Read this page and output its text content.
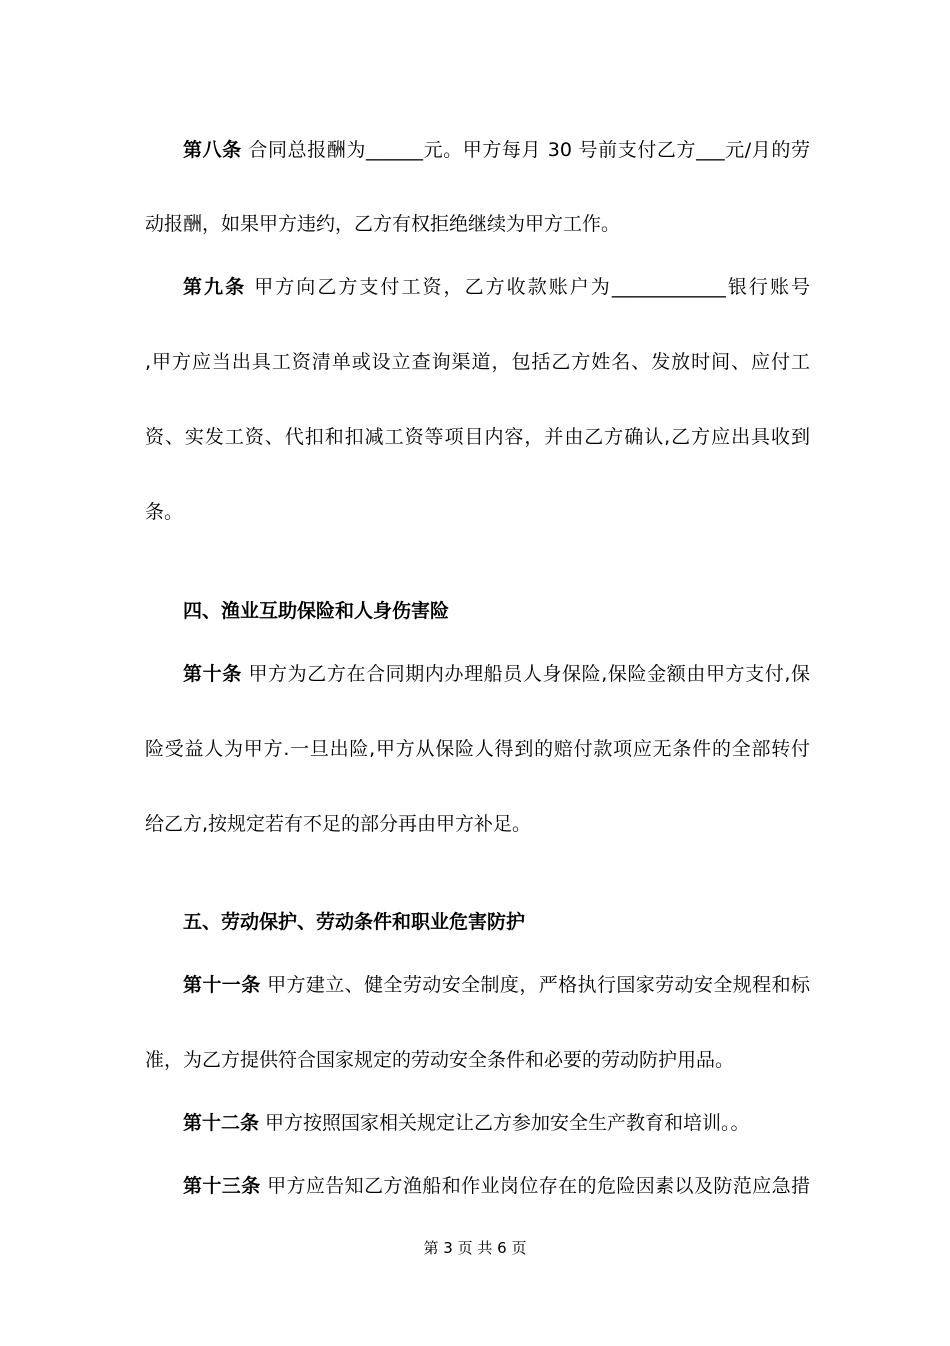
第八条 合同总报酬为______元。甲方每月 30 号前支付乙方___元/月的劳
动报酬，如果甲方违约，乙方有权拒绝继续为甲方工作。
第九条 甲方向乙方支付工资，乙方收款账户为____________银行账号
,甲方应当出具工资清单或设立查询渠道，包括乙方姓名、发放时间、应付工
资、实发工资、代扣和扣减工资等项目内容，并由乙方确认,乙方应出具收到
条。
四、渔业互助保险和人身伤害险
第十条 甲方为乙方在合同期内办理船员人身保险,保险金额由甲方支付,保
险受益人为甲方.一旦出险,甲方从保险人得到的赔付款项应无条件的全部转付
给乙方,按规定若有不足的部分再由甲方补足。
五、劳动保护、劳动条件和职业危害防护
第十一条 甲方建立、健全劳动安全制度，严格执行国家劳动安全规程和标
准，为乙方提供符合国家规定的劳动安全条件和必要的劳动防护用品。
第十二条 甲方按照国家相关规定让乙方参加安全生产教育和培训。。
第十三条 甲方应告知乙方渔船和作业岗位存在的危险因素以及防范应急措
第 3 页 共 6 页
